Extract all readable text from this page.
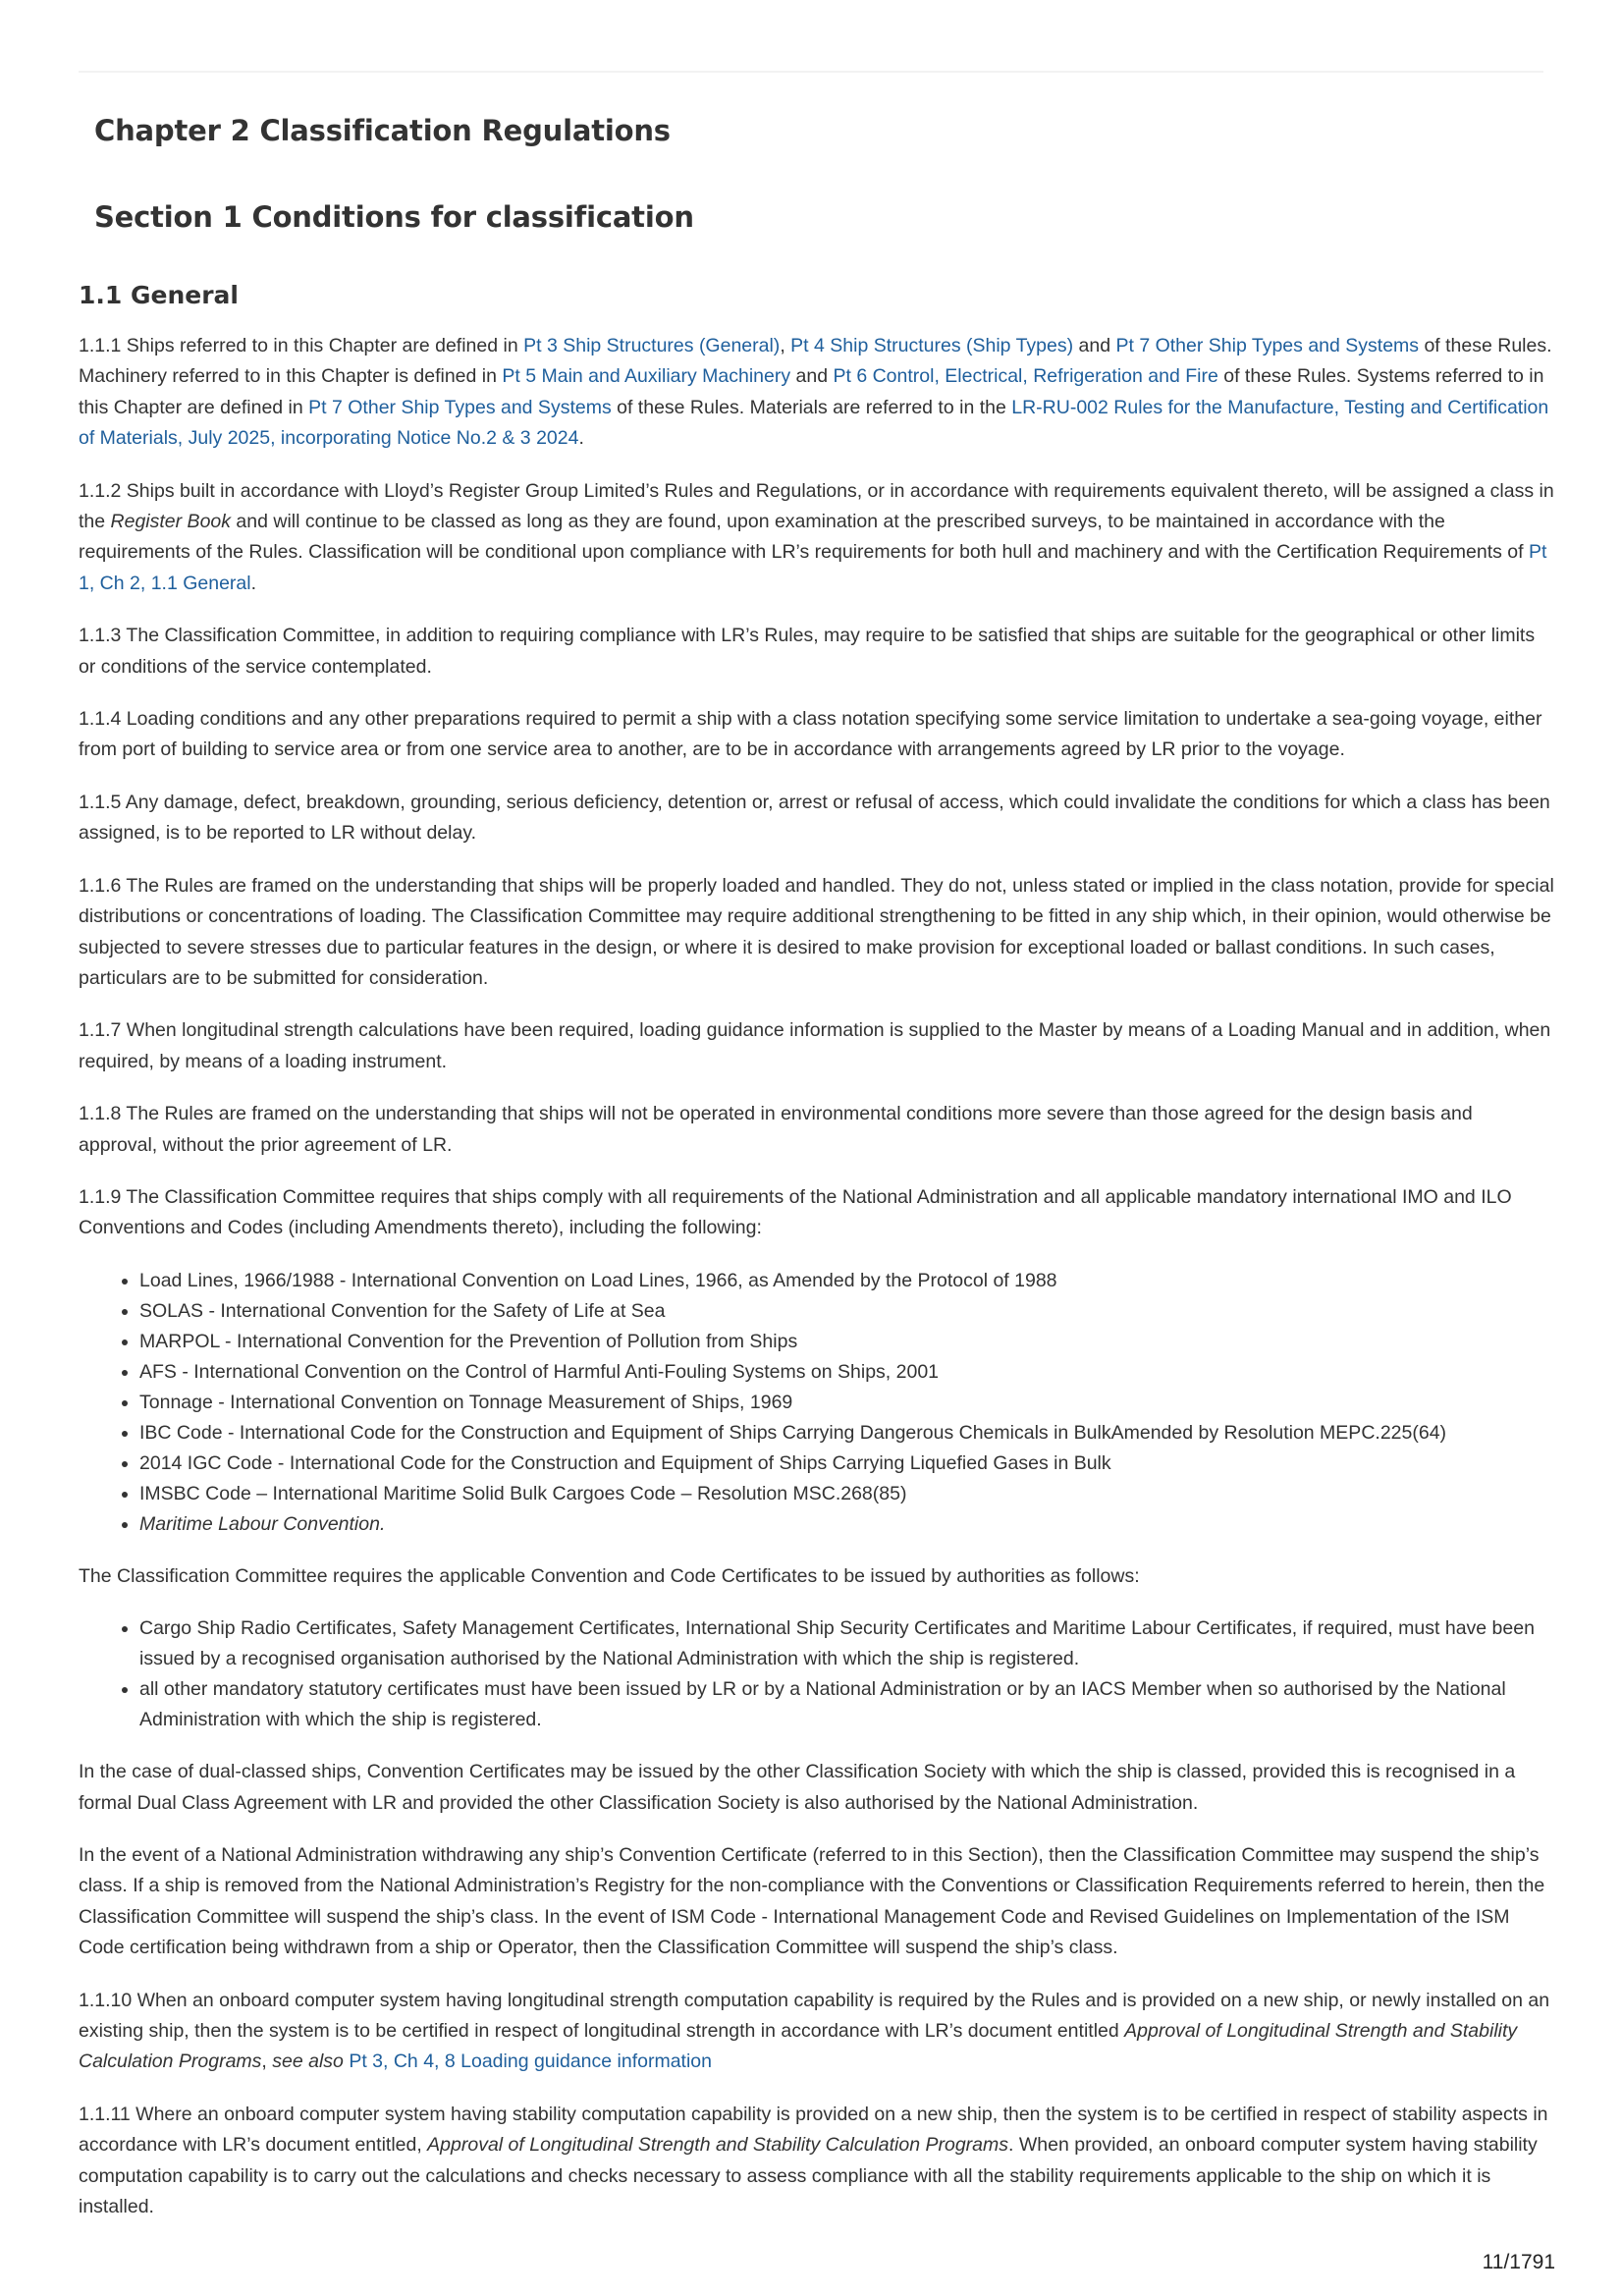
Chapter 2 Classification Regulations
Section 1 Conditions for classification
1.1 General

1.1.1 Ships referred to in this Chapter are defined in Pt 3 Ship Structures (General), Pt 4 Ship Structures (Ship Types) and Pt 7 Other Ship Types and Systems of these Rules. Machinery referred to in this Chapter is defined in Pt 5 Main and Auxiliary Machinery and Pt 6 Control, Electrical, Refrigeration and Fire of these Rules. Systems referred to in this Chapter are defined in Pt 7 Other Ship Types and Systems of these Rules. Materials are referred to in the LR-RU-002 Rules for the Manufacture, Testing and Certification of Materials, July 2025, incorporating Notice No.2 & 3 2024.

1.1.2 Ships built in accordance with Lloyd’s Register Group Limited’s Rules and Regulations, or in accordance with requirements equivalent thereto, will be assigned a class in the Register Book and will continue to be classed as long as they are found, upon examination at the prescribed surveys, to be maintained in accordance with the requirements of the Rules. Classification will be conditional upon compliance with LR’s requirements for both hull and machinery and with the Certification Requirements of Pt 1, Ch 2, 1.1 General.

1.1.3 The Classification Committee, in addition to requiring compliance with LR’s Rules, may require to be satisfied that ships are suitable for the geographical or other limits or conditions of the service contemplated.

1.1.4 Loading conditions and any other preparations required to permit a ship with a class notation specifying some service limitation to undertake a sea-going voyage, either from port of building to service area or from one service area to another, are to be in accordance with arrangements agreed by LR prior to the voyage.

1.1.5 Any damage, defect, breakdown, grounding, serious deficiency, detention or, arrest or refusal of access, which could invalidate the conditions for which a class has been assigned, is to be reported to LR without delay.

1.1.6 The Rules are framed on the understanding that ships will be properly loaded and handled. They do not, unless stated or implied in the class notation, provide for special distributions or concentrations of loading. The Classification Committee may require additional strengthening to be fitted in any ship which, in their opinion, would otherwise be subjected to severe stresses due to particular features in the design, or where it is desired to make provision for exceptional loaded or ballast conditions. In such cases, particulars are to be submitted for consideration.

1.1.7 When longitudinal strength calculations have been required, loading guidance information is supplied to the Master by means of a Loading Manual and in addition, when required, by means of a loading instrument.

1.1.8 The Rules are framed on the understanding that ships will not be operated in environmental conditions more severe than those agreed for the design basis and approval, without the prior agreement of LR.

1.1.9 The Classification Committee requires that ships comply with all requirements of the National Administration and all applicable mandatory international IMO and ILO Conventions and Codes (including Amendments thereto), including the following:

• Load Lines, 1966/1988 - International Convention on Load Lines, 1966, as Amended by the Protocol of 1988
• SOLAS - International Convention for the Safety of Life at Sea
• MARPOL - International Convention for the Prevention of Pollution from Ships
• AFS - International Convention on the Control of Harmful Anti-Fouling Systems on Ships, 2001
• Tonnage - International Convention on Tonnage Measurement of Ships, 1969
• IBC Code - International Code for the Construction and Equipment of Ships Carrying Dangerous Chemicals in BulkAmended by Resolution MEPC.225(64)
• 2014 IGC Code - International Code for the Construction and Equipment of Ships Carrying Liquefied Gases in Bulk
• IMSBC Code – International Maritime Solid Bulk Cargoes Code – Resolution MSC.268(85)
• Maritime Labour Convention.

The Classification Committee requires the applicable Convention and Code Certificates to be issued by authorities as follows:

• Cargo Ship Radio Certificates, Safety Management Certificates, International Ship Security Certificates and Maritime Labour Certificates, if required, must have been issued by a recognised organisation authorised by the National Administration with which the ship is registered.
• all other mandatory statutory certificates must have been issued by LR or by a National Administration or by an IACS Member when so authorised by the National Administration with which the ship is registered.

In the case of dual-classed ships, Convention Certificates may be issued by the other Classification Society with which the ship is classed, provided this is recognised in a formal Dual Class Agreement with LR and provided the other Classification Society is also authorised by the National Administration.

In the event of a National Administration withdrawing any ship’s Convention Certificate (referred to in this Section), then the Classification Committee may suspend the ship’s class. If a ship is removed from the National Administration’s Registry for the non-compliance with the Conventions or Classification Requirements referred to herein, then the Classification Committee will suspend the ship’s class. In the event of ISM Code - International Management Code and Revised Guidelines on Implementation of the ISM Code certification being withdrawn from a ship or Operator, then the Classification Committee will suspend the ship’s class.

1.1.10 When an onboard computer system having longitudinal strength computation capability is required by the Rules and is provided on a new ship, or newly installed on an existing ship, then the system is to be certified in respect of longitudinal strength in accordance with LR’s document entitled Approval of Longitudinal Strength and Stability Calculation Programs, see also Pt 3, Ch 4, 8 Loading guidance information

1.1.11 Where an onboard computer system having stability computation capability is provided on a new ship, then the system is to be certified in respect of stability aspects in accordance with LR’s document entitled, Approval of Longitudinal Strength and Stability Calculation Programs. When provided, an onboard computer system having stability computation capability is to carry out the calculations and checks necessary to assess compliance with all the stability requirements applicable to the ship on which it is installed.

11/1791
